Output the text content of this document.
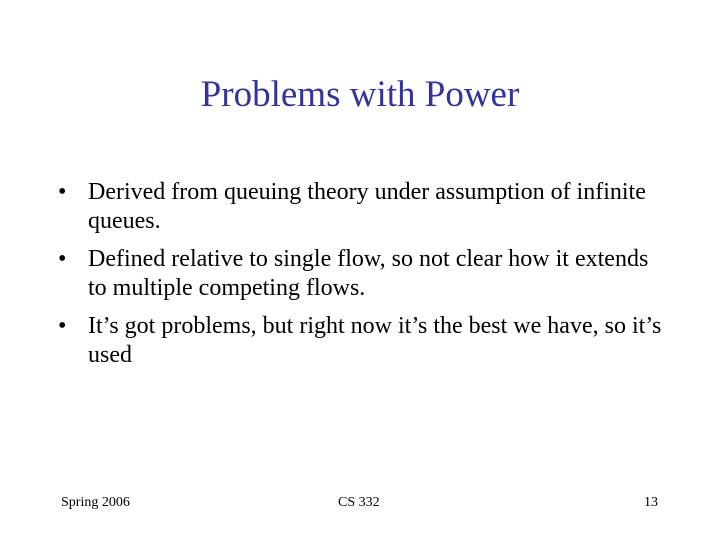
Problems with Power
• Derived from queuing theory under assumption of infinite queues.
• Defined relative to single flow, so not clear how it extends to multiple competing flows.
• It’s got problems, but right now it’s the best we have, so it’s used
Spring 2006	CS 332	13
